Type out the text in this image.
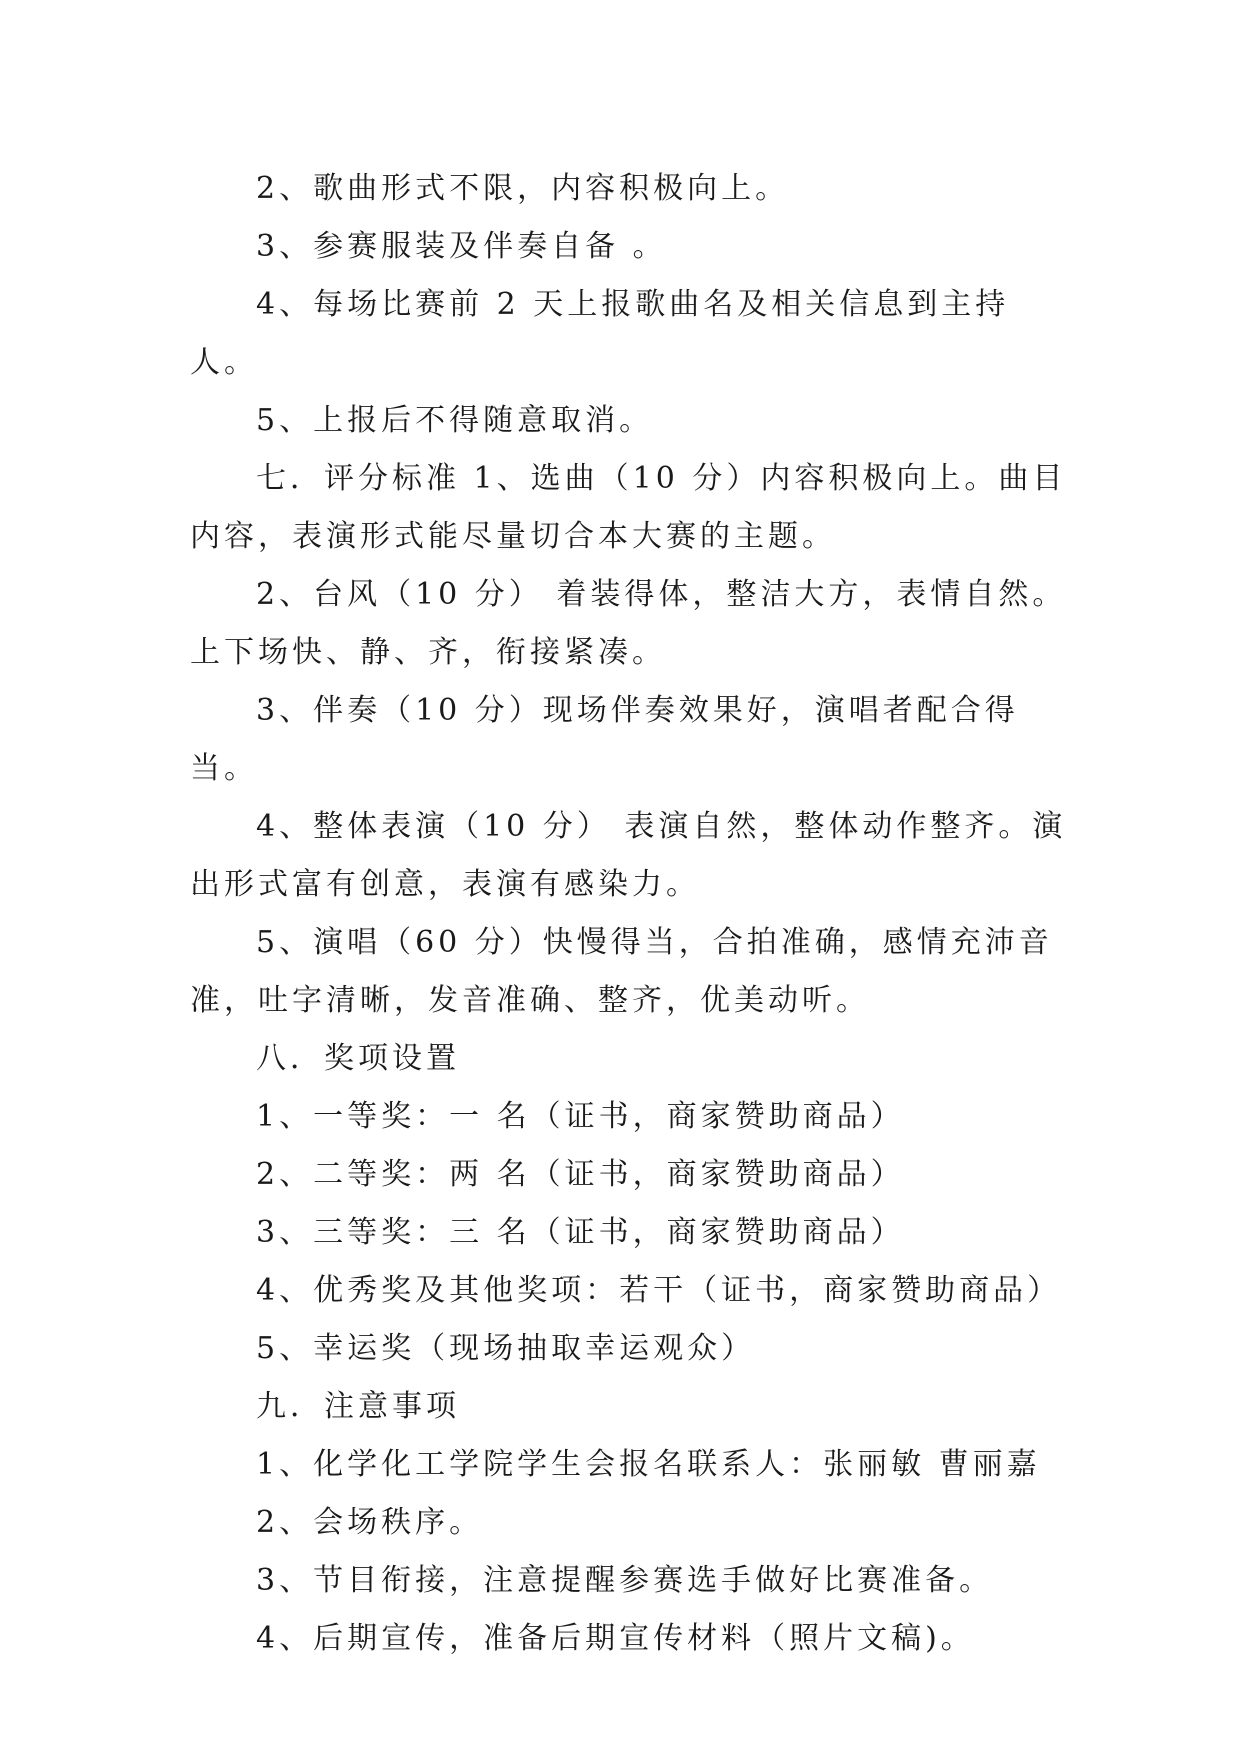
2、歌曲形式不限，内容积极向上。

3、参赛服装及伴奏自备 。

4、每场比赛前 2 天上报歌曲名及相关信息到主持人。

5、上报后不得随意取消。

七．评分标准 1、选曲（10 分）内容积极向上。曲目内容，表演形式能尽量切合本大赛的主题。

2、台风（10 分） 着装得体，整洁大方，表情自然。上下场快、静、齐，衔接紧凑。

3、伴奏（10 分）现场伴奏效果好，演唱者配合得当。

4、整体表演（10 分） 表演自然，整体动作整齐。演出形式富有创意，表演有感染力。

5、演唱（60 分）快慢得当，合拍准确，感情充沛音准，吐字清晰，发音准确、整齐，优美动听。

八．奖项设置

1、一等奖：一 名（证书，商家赞助商品）

2、二等奖：两 名（证书，商家赞助商品）

3、三等奖：三 名（证书，商家赞助商品）

4、优秀奖及其他奖项：若干（证书，商家赞助商品）

5、幸运奖（现场抽取幸运观众）

九．注意事项

1、化学化工学院学生会报名联系人：张丽敏 曹丽嘉

2、会场秩序。

3、节目衔接，注意提醒参赛选手做好比赛准备。

4、后期宣传，准备后期宣传材料（照片文稿)。
